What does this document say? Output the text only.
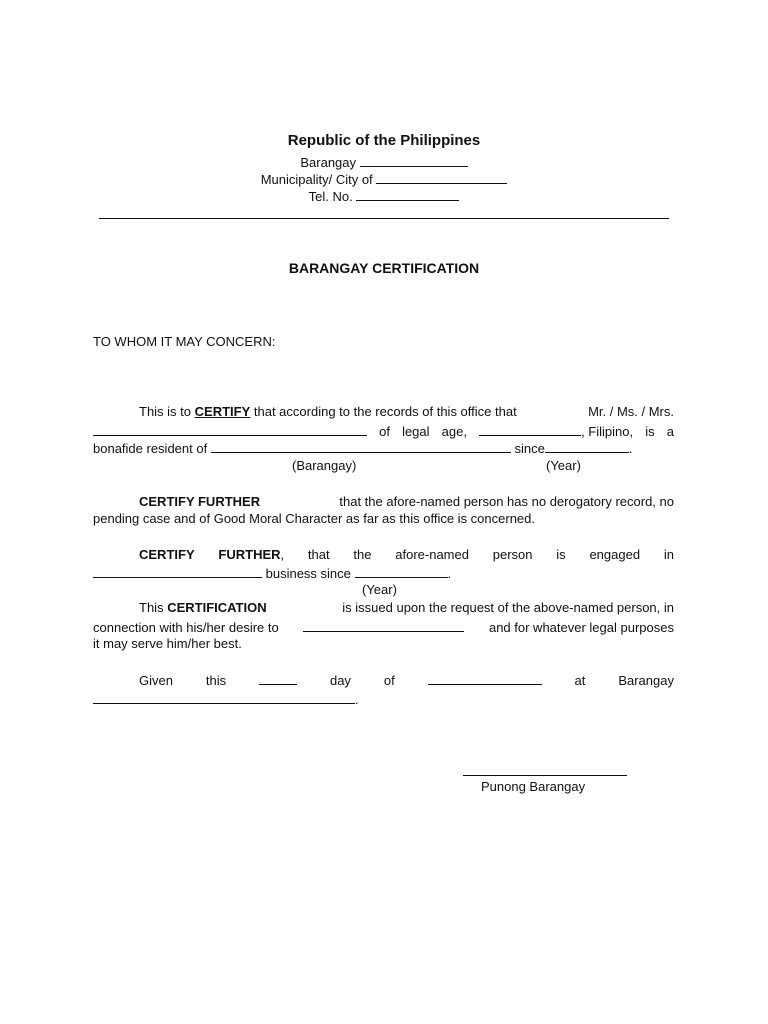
Republic of the Philippines
Barangay
Municipality/ City of
Tel. No.
BARANGAY CERTIFICATION
TO WHOM IT MAY CONCERN:
This is to CERTIFY that according to the records of this office that	Mr. / Ms. / Mrs.
of legal age,	, Filipino, is a
bonafide resident of	since	.
(Barangay)	(Year)
CERTIFY FURTHER	that the afore-named person has no derogatory record, no
pending case and of Good Moral Character as far as this office is concerned.
CERTIFY FURTHER, that the afore-named person is engaged in
business since	.
(Year)
This CERTIFICATION	is issued upon the request of the above-named person, in
connection with his/her desire to	and for whatever legal purposes
it may serve him/her best.
Given	this	day	of	at	Barangay
.
Punong Barangay
